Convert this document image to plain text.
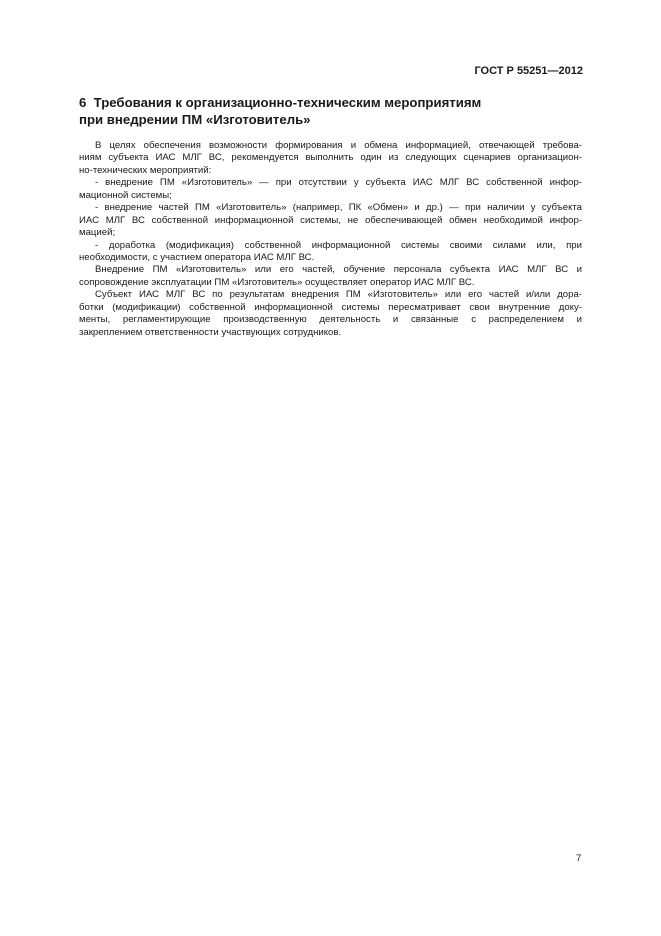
ГОСТ Р 55251—2012
6  Требования к организационно-техническим мероприятиям
при внедрении ПМ «Изготовитель»
В целях обеспечения возможности формирования и обмена информацией, отвечающей требова-
ниям субъекта ИАС МЛГ ВС, рекомендуется выполнить один из следующих сценариев организацион-
но-технических мероприятий:
- внедрение ПМ «Изготовитель» — при отсутствии у субъекта ИАС МЛГ ВС собственной инфор-
мационной системы;
- внедрение частей ПМ «Изготовитель» (например, ПК «Обмен» и др.) — при наличии у субъекта
ИАС МЛГ ВС собственной информационной системы, не обеспечивающей обмен необходимой инфор-
мацией;
- доработка (модификация) собственной информационной системы своими силами или, при
необходимости, с участием оператора ИАС МЛГ ВС.
Внедрение ПМ «Изготовитель» или его частей, обучение персонала субъекта ИАС МЛГ ВС и
сопровождение эксплуатации ПМ «Изготовитель» осуществляет оператор ИАС МЛГ ВС.
Субъект ИАС МЛГ ВС по результатам внедрения ПМ «Изготовитель» или его частей и/или дора-
ботки (модификации) собственной информационной системы пересматривает свои внутренние доку-
менты, регламентирующие производственную деятельность и связанные с распределением и
закреплением ответственности участвующих сотрудников.
7
